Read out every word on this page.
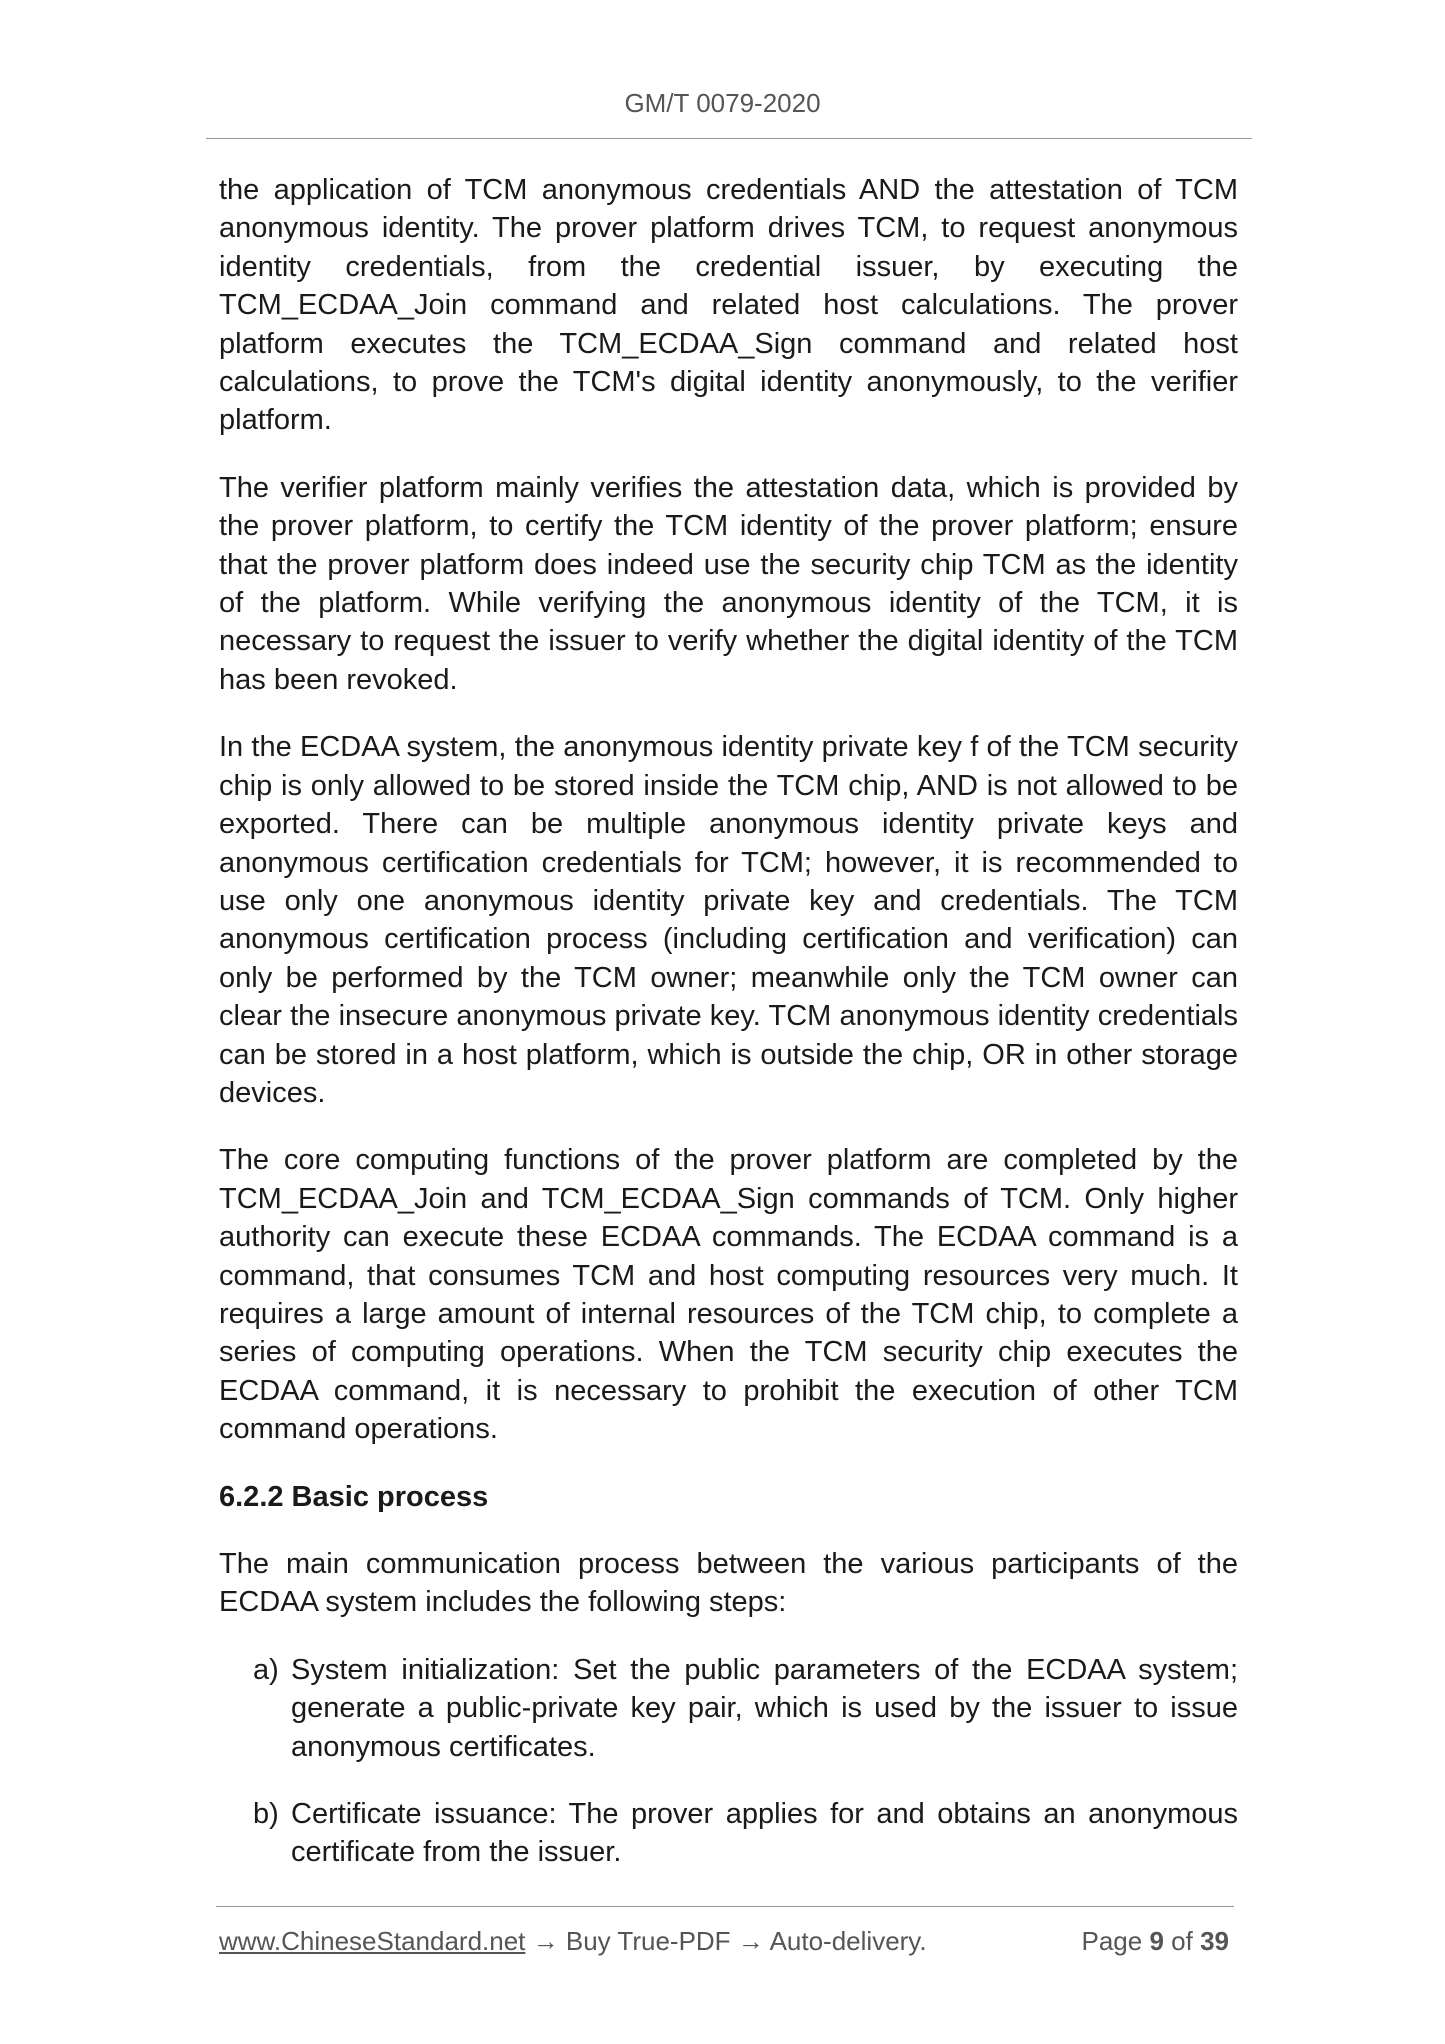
GM/T 0079-2020

the application of TCM anonymous credentials AND the attestation of TCM anonymous identity. The prover platform drives TCM, to request anonymous identity credentials, from the credential issuer, by executing the TCM_ECDAA_Join command and related host calculations. The prover platform executes the TCM_ECDAA_Sign command and related host calculations, to prove the TCM's digital identity anonymously, to the verifier platform.

The verifier platform mainly verifies the attestation data, which is provided by the prover platform, to certify the TCM identity of the prover platform; ensure that the prover platform does indeed use the security chip TCM as the identity of the platform. While verifying the anonymous identity of the TCM, it is necessary to request the issuer to verify whether the digital identity of the TCM has been revoked.

In the ECDAA system, the anonymous identity private key f of the TCM security chip is only allowed to be stored inside the TCM chip, AND is not allowed to be exported. There can be multiple anonymous identity private keys and anonymous certification credentials for TCM; however, it is recommended to use only one anonymous identity private key and credentials. The TCM anonymous certification process (including certification and verification) can only be performed by the TCM owner; meanwhile only the TCM owner can clear the insecure anonymous private key. TCM anonymous identity credentials can be stored in a host platform, which is outside the chip, OR in other storage devices.

The core computing functions of the prover platform are completed by the TCM_ECDAA_Join and TCM_ECDAA_Sign commands of TCM. Only higher authority can execute these ECDAA commands. The ECDAA command is a command, that consumes TCM and host computing resources very much. It requires a large amount of internal resources of the TCM chip, to complete a series of computing operations. When the TCM security chip executes the ECDAA command, it is necessary to prohibit the execution of other TCM command operations.

6.2.2 Basic process

The main communication process between the various participants of the ECDAA system includes the following steps:

a) System initialization: Set the public parameters of the ECDAA system; generate a public-private key pair, which is used by the issuer to issue anonymous certificates.
b) Certificate issuance: The prover applies for and obtains an anonymous certificate from the issuer.
www.ChineseStandard.net → Buy True-PDF → Auto-delivery.	Page 9 of 39
